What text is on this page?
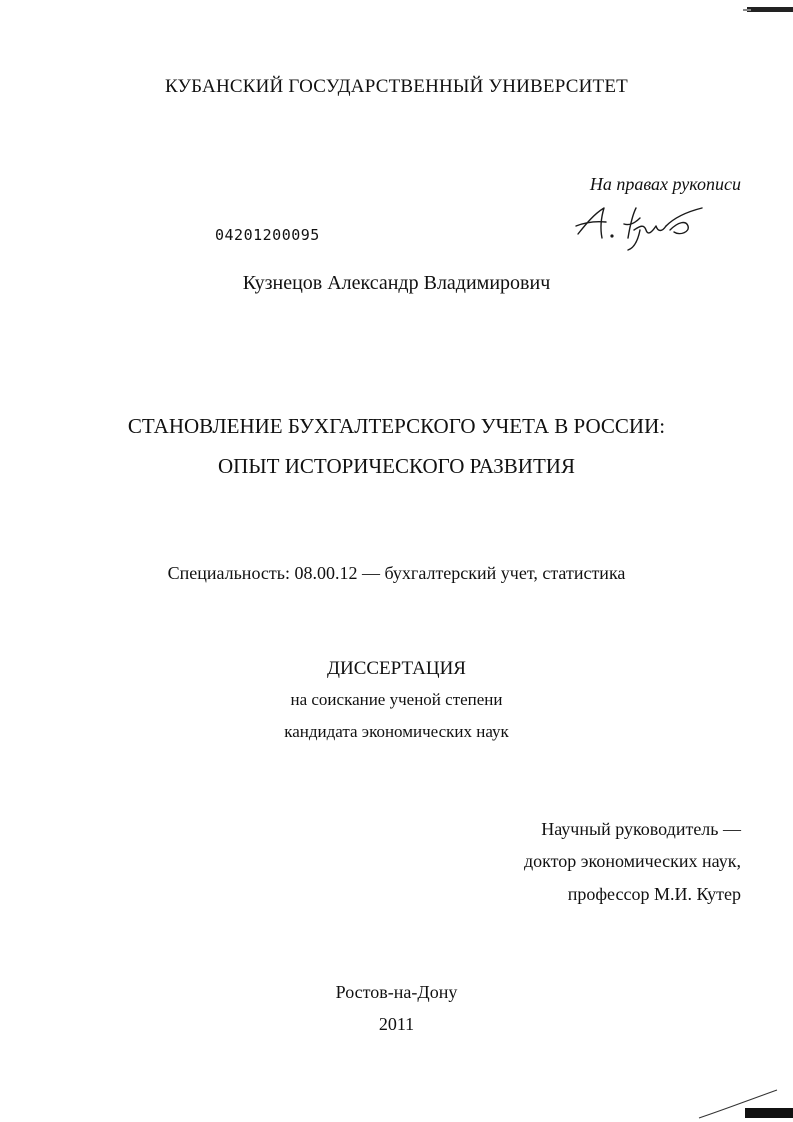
КУБАНСКИЙ ГОСУДАРСТВЕННЫЙ УНИВЕРСИТЕТ
На правах рукописи
04201200095
Кузнецов Александр Владимирович
СТАНОВЛЕНИЕ БУХГАЛТЕРСКОГО УЧЕТА В РОССИИ:
ОПЫТ ИСТОРИЧЕСКОГО РАЗВИТИЯ
Специальность: 08.00.12 — бухгалтерский учет, статистика
ДИССЕРТАЦИЯ
на соискание ученой степени
кандидата экономических наук
Научный руководитель —
доктор экономических наук,
профессор М.И. Кутер
Ростов-на-Дону
2011
